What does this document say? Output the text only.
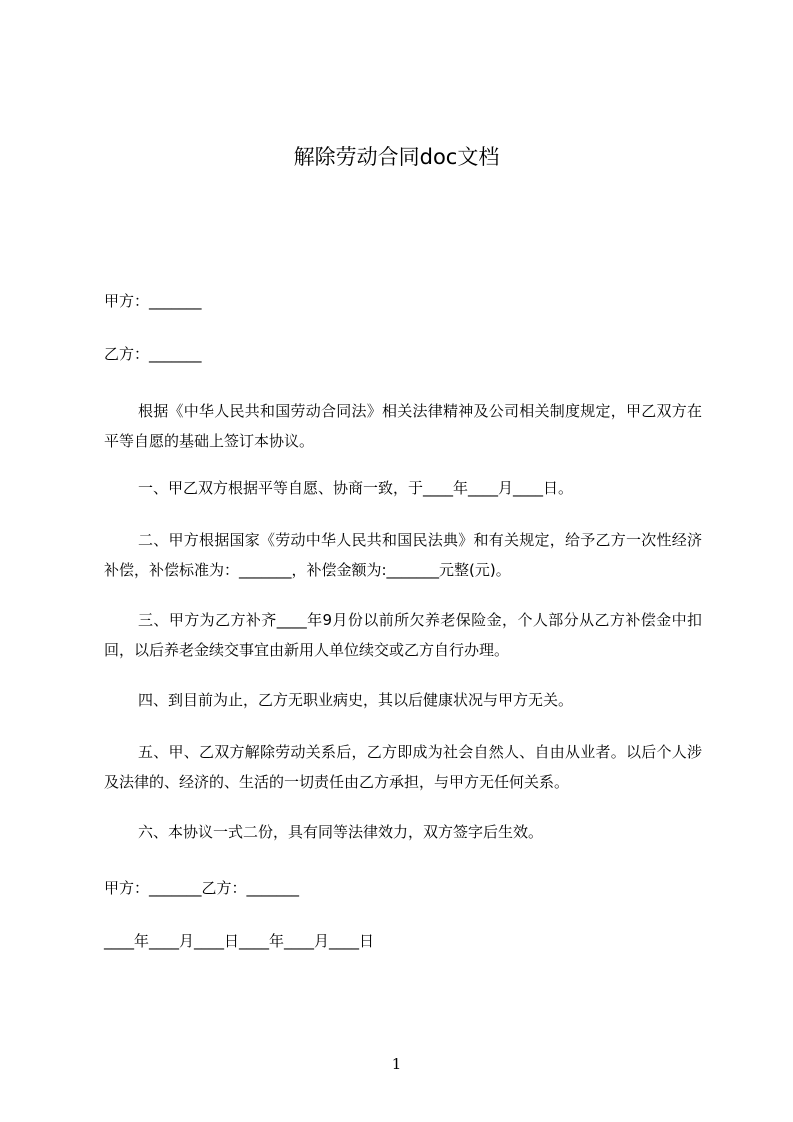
解除劳动合同doc文档
甲方：_______
乙方：_______
根据《中华人民共和国劳动合同法》相关法律精神及公司相关制度规定，甲乙双方在平等自愿的基础上签订本协议。
一、甲乙双方根据平等自愿、协商一致，于____年____月____日。
二、甲方根据国家《劳动中华人民共和国民法典》和有关规定，给予乙方一次性经济补偿，补偿标准为：_______，补偿金额为:_______元整(元)。
三、甲方为乙方补齐____年9月份以前所欠养老保险金，个人部分从乙方补偿金中扣回，以后养老金续交事宜由新用人单位续交或乙方自行办理。
四、到目前为止，乙方无职业病史，其以后健康状况与甲方无关。
五、甲、乙双方解除劳动关系后，乙方即成为社会自然人、自由从业者。以后个人涉及法律的、经济的、生活的一切责任由乙方承担，与甲方无任何关系。
六、本协议一式二份，具有同等法律效力，双方签字后生效。
甲方：_______乙方：_______
____年____月____日____年____月____日
1
